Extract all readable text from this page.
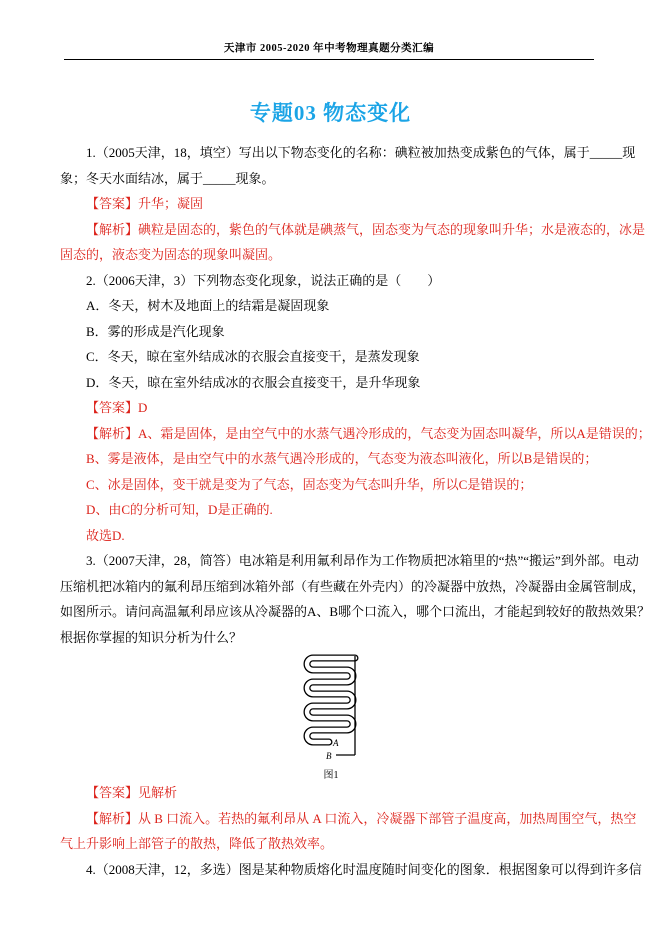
天津市 2005-2020 年中考物理真题分类汇编
专题03 物态变化
1.（2005天津，18，填空）写出以下物态变化的名称：碘粒被加热变成紫色的气体，属于_____现
象；冬天水面结冰，属于_____现象。
【答案】升华；凝固
【解析】碘粒是固态的，紫色的气体就是碘蒸气，固态变为气态的现象叫升华；水是液态的，冰是
固态的，液态变为固态的现象叫凝固。
2.（2006天津，3）下列物态变化现象，说法正确的是（　　）
A．冬天，树木及地面上的结霜是凝固现象
B．雾的形成是汽化现象
C．冬天，晾在室外结成冰的衣服会直接变干，是蒸发现象
D．冬天，晾在室外结成冰的衣服会直接变干，是升华现象
【答案】D
【解析】A、霜是固体，是由空气中的水蒸气遇冷形成的，气态变为固态叫凝华，所以A是错误的；
B、雾是液体，是由空气中的水蒸气遇冷形成的，气态变为液态叫液化，所以B是错误的；
C、冰是固体，变干就是变为了气态，固态变为气态叫升华，所以C是错误的；
D、由C的分析可知，D是正确的.
故选D.
3.（2007天津，28，简答）电冰箱是利用氟利昂作为工作物质把冰箱里的“热”“搬运”到外部。电动
压缩机把冰箱内的氟利昂压缩到冰箱外部（有些藏在外壳内）的冷凝器中放热，冷凝器由金属管制成，
如图所示。请问高温氟利昂应该从冷凝器的A、B哪个口流入，哪个口流出，才能起到较好的散热效果？
根据你掌握的知识分析为什么？
A
B
图1
【答案】见解析
【解析】从 B 口流入。若热的氟利昂从 A 口流入，冷凝器下部管子温度高，加热周围空气，热空
气上升影响上部管子的散热，降低了散热效率。
4.（2008天津，12，多选）图是某种物质熔化时温度随时间变化的图象．根据图象可以得到许多信
